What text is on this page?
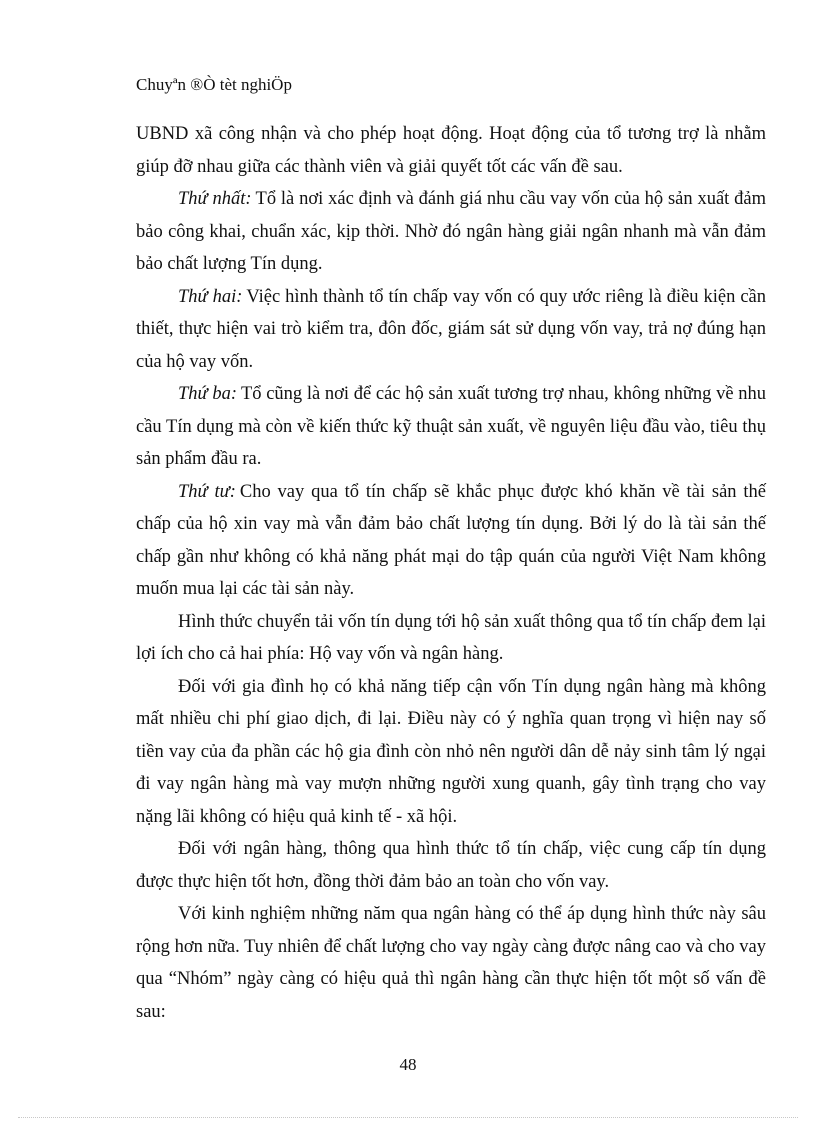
Chuyªn ®Ò tèt nghiÖp

UBND xã công nhận và cho phép hoạt động. Hoạt động của tổ tương trợ là nhằm giúp đỡ nhau giữa các thành viên và giải quyết tốt các vấn đề sau.

Thứ nhất: Tổ là nơi xác định và đánh giá nhu cầu vay vốn của hộ sản xuất đảm bảo công khai, chuẩn xác, kịp thời. Nhờ đó ngân hàng giải ngân nhanh mà vẫn đảm bảo chất lượng Tín dụng.

Thứ hai: Việc hình thành tổ tín chấp vay vốn có quy ước riêng là điều kiện cần thiết, thực hiện vai trò kiểm tra, đôn đốc, giám sát sử dụng vốn vay, trả nợ đúng hạn của hộ vay vốn.

Thứ ba: Tổ cũng là nơi để các hộ sản xuất tương trợ nhau, không những về nhu cầu Tín dụng mà còn về kiến thức kỹ thuật sản xuất, về nguyên liệu đầu vào, tiêu thụ sản phẩm đầu ra.

Thứ tư: Cho vay qua tổ tín chấp sẽ khắc phục được khó khăn về tài sản thế chấp của hộ xin vay mà vẫn đảm bảo chất lượng tín dụng. Bởi lý do là tài sản thế chấp gần như không có khả năng phát mại do tập quán của người Việt Nam không muốn mua lại các tài sản này.

Hình thức chuyển tải vốn tín dụng tới hộ sản xuất thông qua tổ tín chấp đem lại lợi ích cho cả hai phía: Hộ vay vốn và ngân hàng.

Đối với gia đình họ có khả năng tiếp cận vốn Tín dụng ngân hàng mà không mất nhiều chi phí giao dịch, đi lại. Điều này có ý nghĩa quan trọng vì hiện nay số tiền vay của đa phần các hộ gia đình còn nhỏ nên người dân dễ nảy sinh tâm lý ngại đi vay ngân hàng mà vay mượn những người xung quanh, gây tình trạng cho vay nặng lãi không có hiệu quả kinh tế - xã hội.

Đối với ngân hàng, thông qua hình thức tổ tín chấp, việc cung cấp tín dụng được thực hiện tốt hơn, đồng thời đảm bảo an toàn cho vốn vay.

Với kinh nghiệm những năm qua ngân hàng có thể áp dụng hình thức này sâu rộng hơn nữa. Tuy nhiên để chất lượng cho vay ngày càng được nâng cao và cho vay qua “Nhóm” ngày càng có hiệu quả thì ngân hàng cần thực hiện tốt một số vấn đề sau:

48
